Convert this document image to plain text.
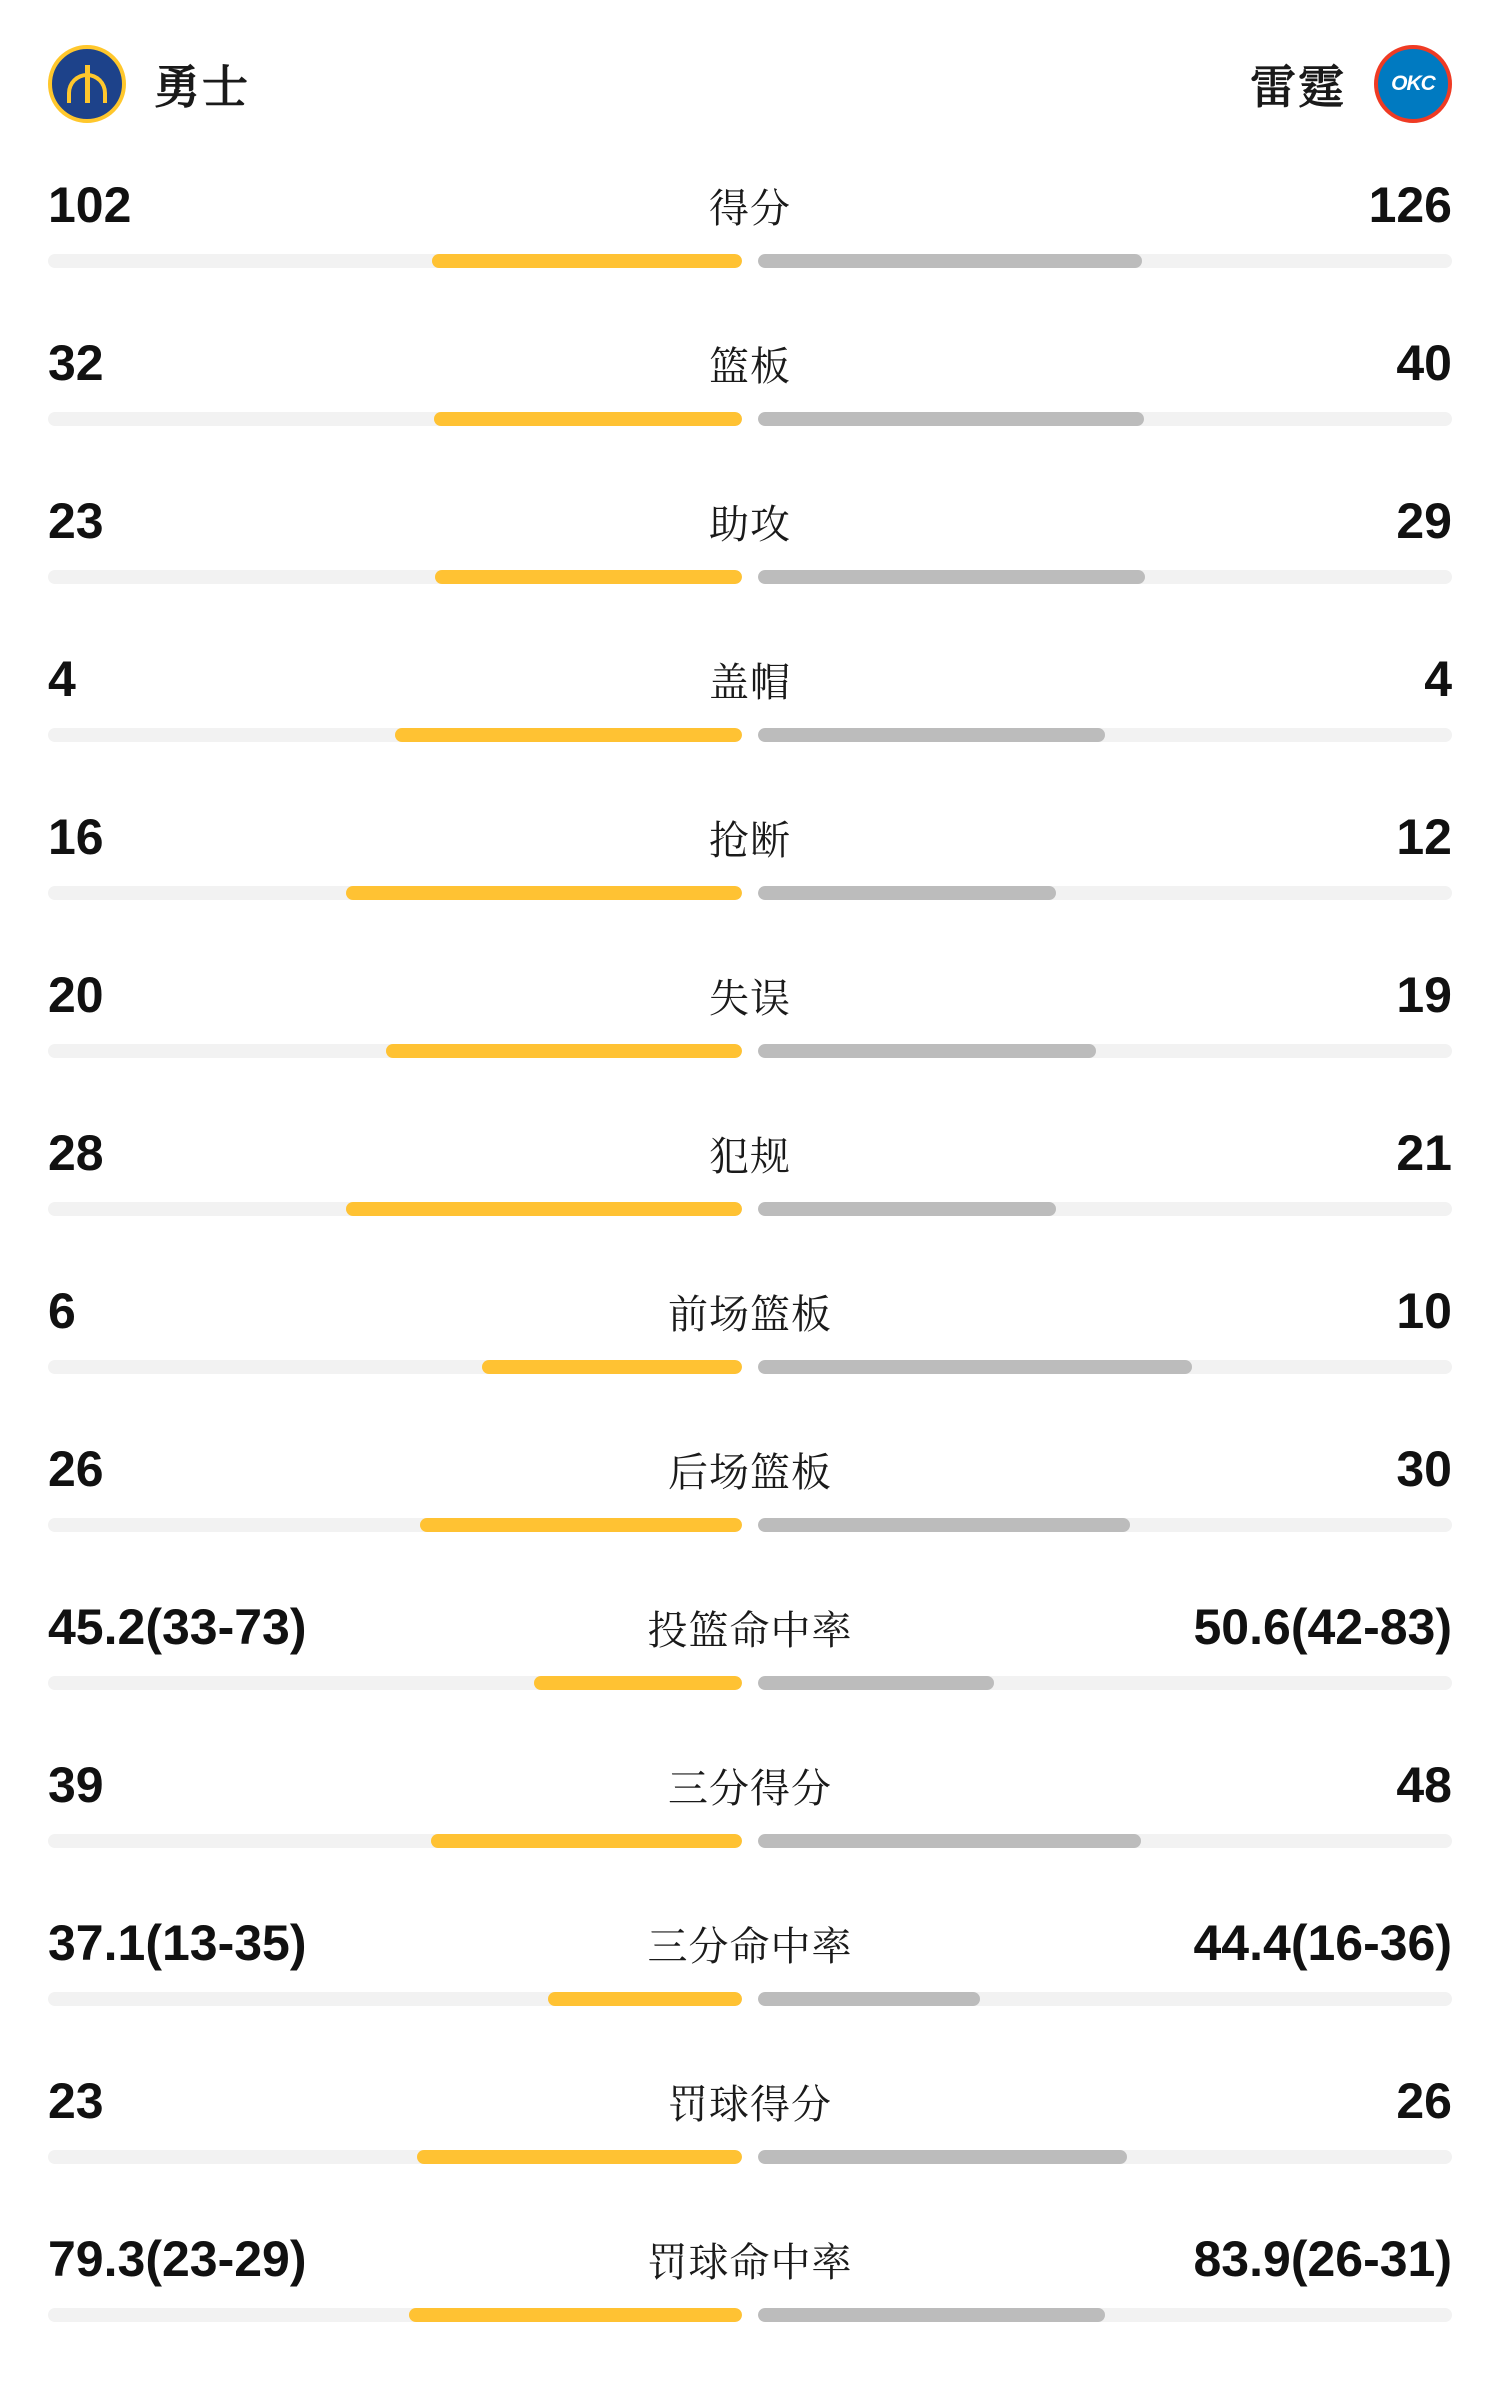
勇士	雷霆 OKC
102	得分	126
32	篮板	40
23	助攻	29
4	盖帽	4
16	抢断	12
20	失误	19
28	犯规	21
6	前场篮板	10
26	后场篮板	30
45.2(33-73)	投篮命中率	50.6(42-83)
39	三分得分	48
37.1(13-35)	三分命中率	44.4(16-36)
23	罚球得分	26
79.3(23-29)	罚球命中率	83.9(26-31)
